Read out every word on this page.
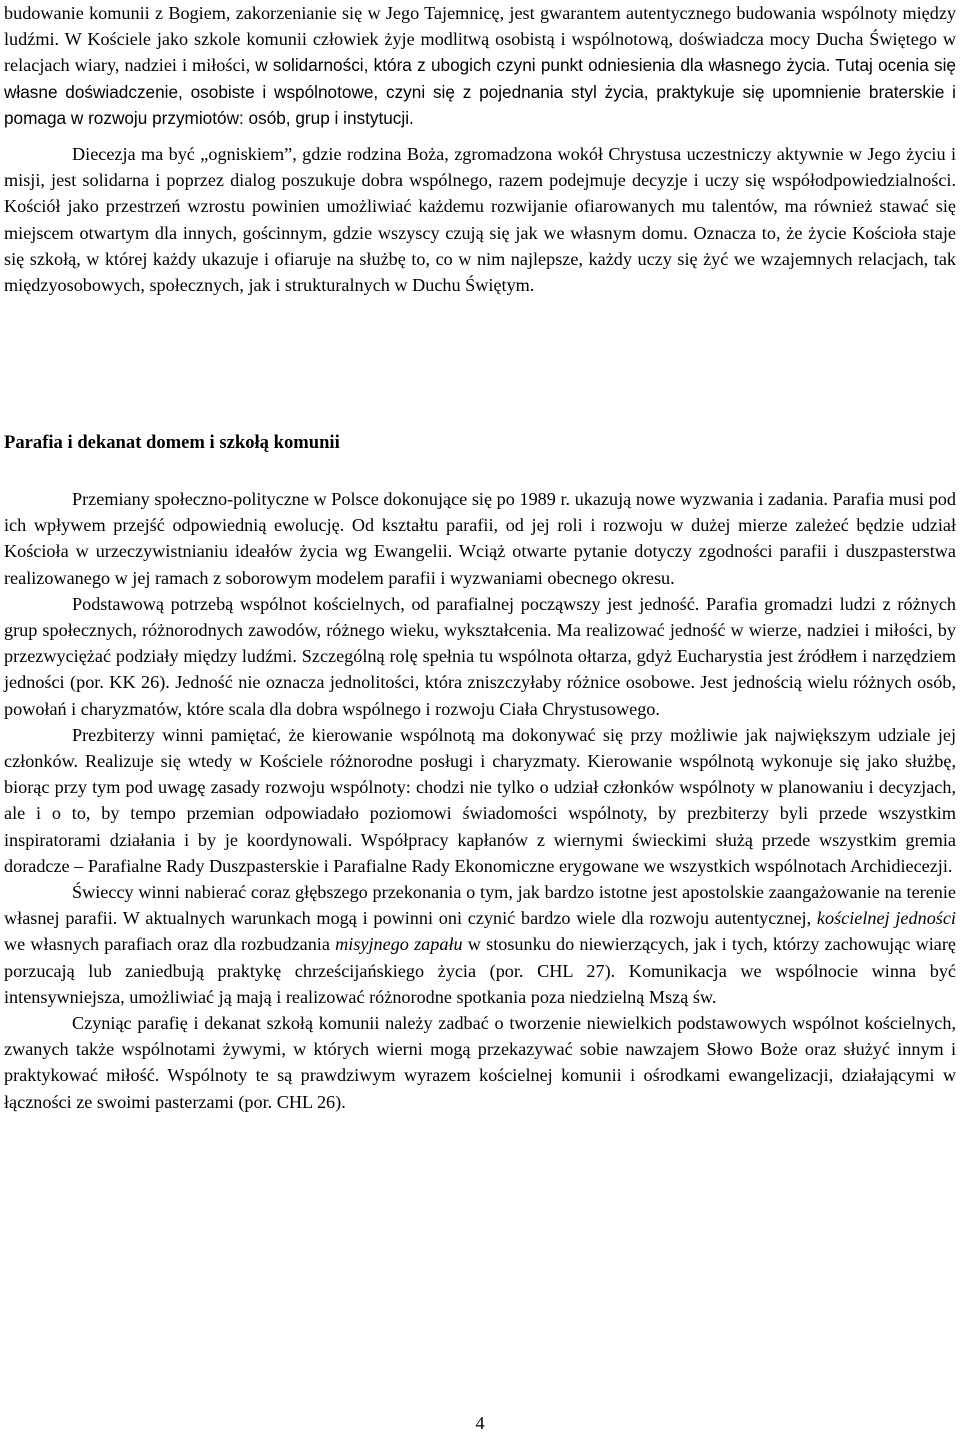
budowanie komunii z Bogiem, zakorzenianie się w Jego Tajemnicę, jest gwarantem autentycznego budowania wspólnoty między ludźmi. W Kościele jako szkole komunii człowiek żyje modlitwą osobistą i wspólnotową, doświadcza mocy Ducha Świętego w relacjach wiary, nadziei i miłości, w solidarności, która z ubogich czyni punkt odniesienia dla własnego życia. Tutaj ocenia się własne doświadczenie, osobiste i wspólnotowe, czyni się z pojednania styl życia, praktykuje się upomnienie braterskie i pomaga w rozwoju przymiotów: osób, grup i instytucji.

Diecezja ma być „ogniskiem”, gdzie rodzina Boża, zgromadzona wokół Chrystusa uczestniczy aktywnie w Jego życiu i misji, jest solidarna i poprzez dialog poszukuje dobra wspólnego, razem podejmuje decyzje i uczy się współodpowiedzialności. Kościół jako przestrzeń wzrostu powinien umożliwiać każdemu rozwijanie ofiarowanych mu talentów, ma również stawać się miejscem otwartym dla innych, gościnnym, gdzie wszyscy czują się jak we własnym domu. Oznacza to, że życie Kościoła staje się szkołą, w której każdy ukazuje i ofiaruje na służbę to, co w nim najlepsze, każdy uczy się żyć we wzajemnych relacjach, tak międzyosobowych, społecznych, jak i strukturalnych w Duchu Świętym.

Parafia i dekanat domem i szkołą komunii

Przemiany społeczno-polityczne w Polsce dokonujące się po 1989 r. ukazują nowe wyzwania i zadania. Parafia musi pod ich wpływem przejść odpowiednią ewolucję. Od kształtu parafii, od jej roli i rozwoju w dużej mierze zależeć będzie udział Kościoła w urzeczywistnianiu ideałów życia wg Ewangelii. Wciąż otwarte pytanie dotyczy zgodności parafii i duszpasterstwa realizowanego w jej ramach z soborowym modelem parafii i wyzwaniami obecnego okresu.

Podstawową potrzebą wspólnot kościelnych, od parafialnej począwszy jest jedność. Parafia gromadzi ludzi z różnych grup społecznych, różnorodnych zawodów, różnego wieku, wykształcenia. Ma realizować jedność w wierze, nadziei i miłości, by przezwyciężać podziały między ludźmi. Szczególną rolę spełnia tu wspólnota ołtarza, gdyż Eucharystia jest źródłem i narzędziem jedności (por. KK 26). Jedność nie oznacza jednolitości, która zniszczyłaby różnice osobowe. Jest jednością wielu różnych osób, powołań i charyzmatów, które scala dla dobra wspólnego i rozwoju Ciała Chrystusowego.

Prezbiterzy winni pamiętać, że kierowanie wspólnotą ma dokonywać się przy możliwie jak największym udziale jej członków. Realizuje się wtedy w Kościele różnorodne posługi i charyzmaty. Kierowanie wspólnotą wykonuje się jako służbę, biorąc przy tym pod uwagę zasady rozwoju wspólnoty: chodzi nie tylko o udział członków wspólnoty w planowaniu i decyzjach, ale i o to, by tempo przemian odpowiadało poziomowi świadomości wspólnoty, by prezbiterzy byli przede wszystkim inspiratorami działania i by je koordynowali. Współpracy kapłanów z wiernymi świeckimi służą przede wszystkim gremia doradcze – Parafialne Rady Duszpasterskie i Parafialne Rady Ekonomiczne erygowane we wszystkich wspólnotach Archidiecezji.

Świeccy winni nabierać coraz głębszego przekonania o tym, jak bardzo istotne jest apostolskie zaangażowanie na terenie własnej parafii. W aktualnych warunkach mogą i powinni oni czynić bardzo wiele dla rozwoju autentycznej, kościelnej jedności we własnych parafiach oraz dla rozbudzania misyjnego zapału w stosunku do niewierzących, jak i tych, którzy zachowując wiarę porzucają lub zaniedbują praktykę chrześcijańskiego życia (por. CHL 27). Komunikacja we wspólnocie winna być intensywniejsza, umożliwiać ją mają i realizować różnorodne spotkania poza niedzielną Mszą św.

Czyniąc parafię i dekanat szkołą komunii należy zadbać o tworzenie niewielkich podstawowych wspólnot kościelnych, zwanych także wspólnotami żywymi, w których wierni mogą przekazywać sobie nawzajem Słowo Boże oraz służyć innym i praktykować miłość. Wspólnoty te są prawdziwym wyrazem kościelnej komunii i ośrodkami ewangelizacji, działającymi w łączności ze swoimi pasterzami (por. CHL 26).

4
